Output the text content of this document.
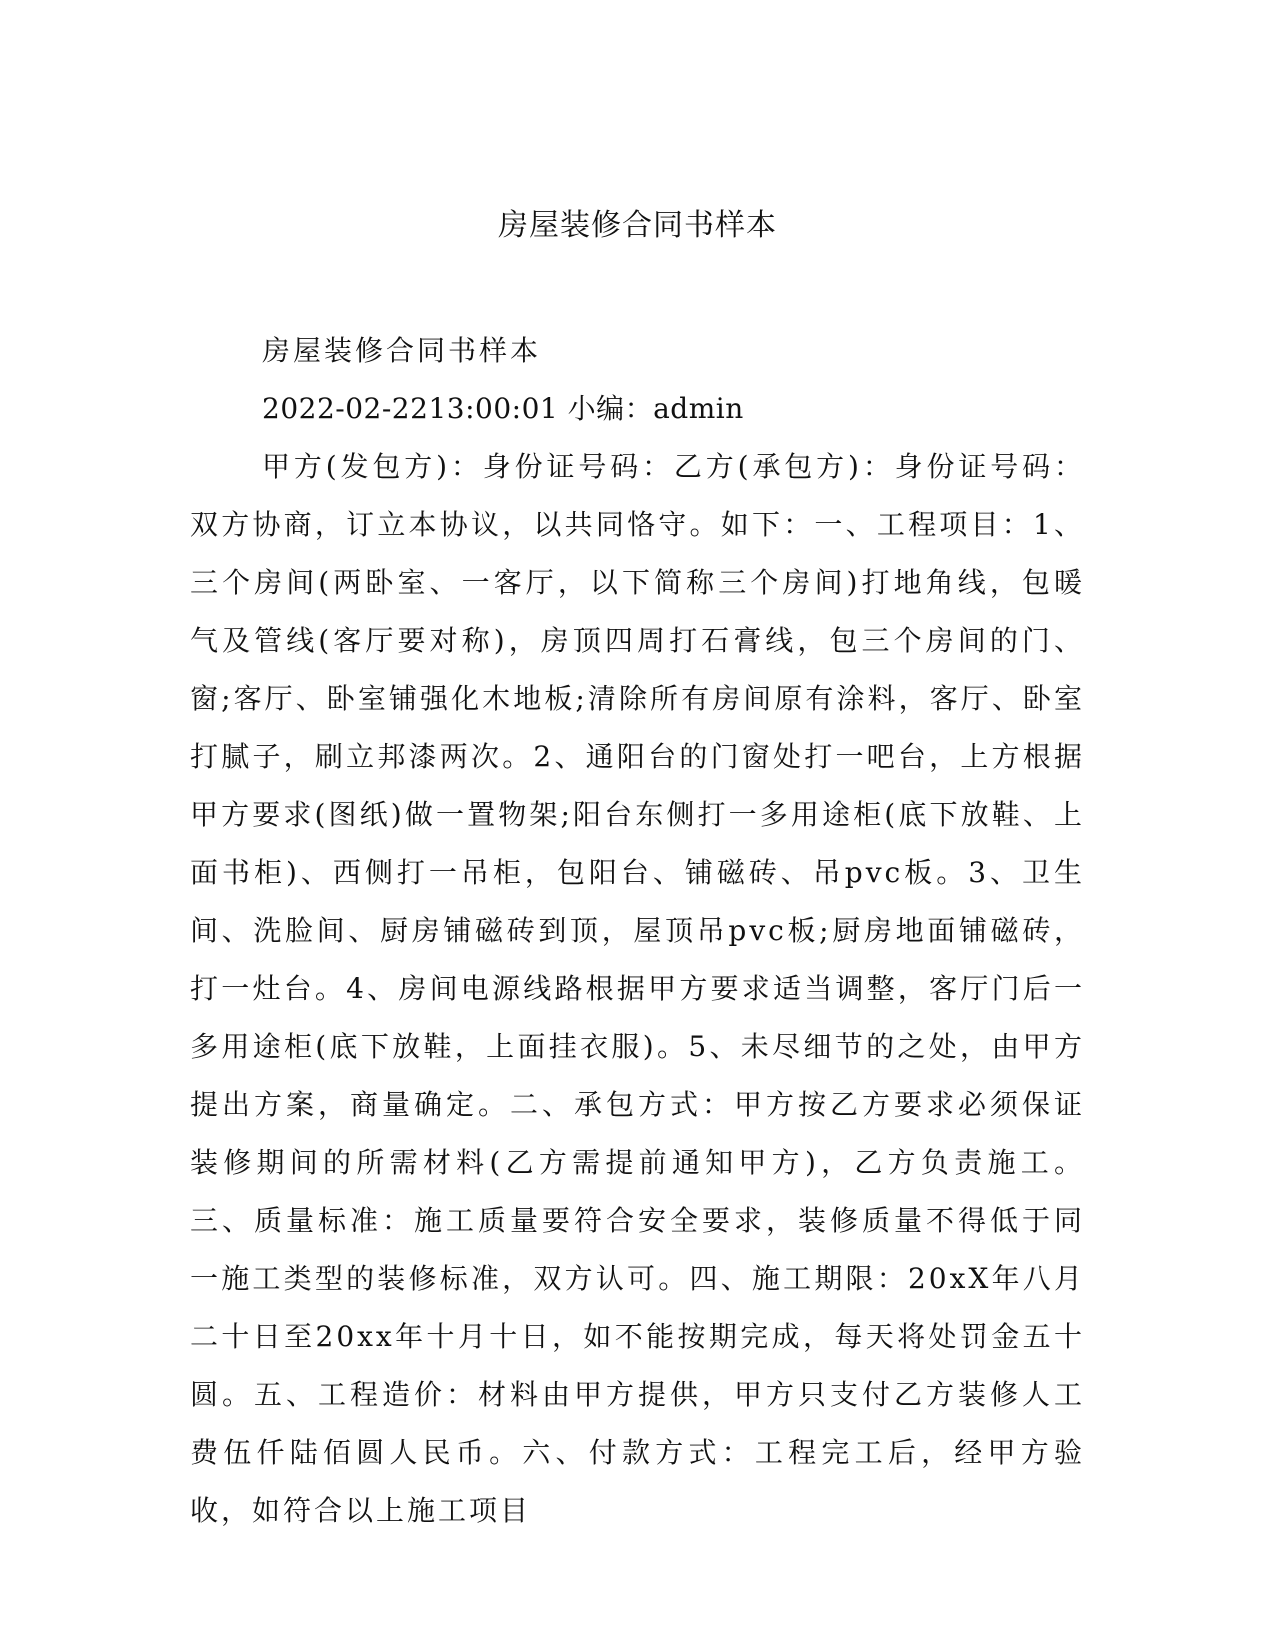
房屋装修合同书样本

房屋装修合同书样本

2022-02-2213:00:01 小编：admin

甲方(发包方)：身份证号码：乙方(承包方)：身份证号码：双方协商，订立本协议，以共同恪守。如下：一、工程项目：1、三个房间(两卧室、一客厅，以下简称三个房间)打地角线，包暖气及管线(客厅要对称)，房顶四周打石膏线，包三个房间的门、窗;客厅、卧室铺强化木地板;清除所有房间原有涂料，客厅、卧室打腻子，刷立邦漆两次。2、通阳台的门窗处打一吧台，上方根据甲方要求(图纸)做一置物架;阳台东侧打一多用途柜(底下放鞋、上面书柜)、西侧打一吊柜，包阳台、铺磁砖、吊pvc板。3、卫生间、洗脸间、厨房铺磁砖到顶，屋顶吊pvc板;厨房地面铺磁砖，打一灶台。4、房间电源线路根据甲方要求适当调整，客厅门后一多用途柜(底下放鞋，上面挂衣服)。5、未尽细节的之处，由甲方提出方案，商量确定。二、承包方式：甲方按乙方要求必须保证装修期间的所需材料(乙方需提前通知甲方)，乙方负责施工。三、质量标准：施工质量要符合安全要求，装修质量不得低于同一施工类型的装修标准，双方认可。四、施工期限：20xX年八月二十日至20xx年十月十日，如不能按期完成，每天将处罚金五十圆。五、工程造价：材料由甲方提供，甲方只支付乙方装修人工费伍仟陆佰圆人民币。六、付款方式：工程完工后，经甲方验收，如符合以上施工项目
